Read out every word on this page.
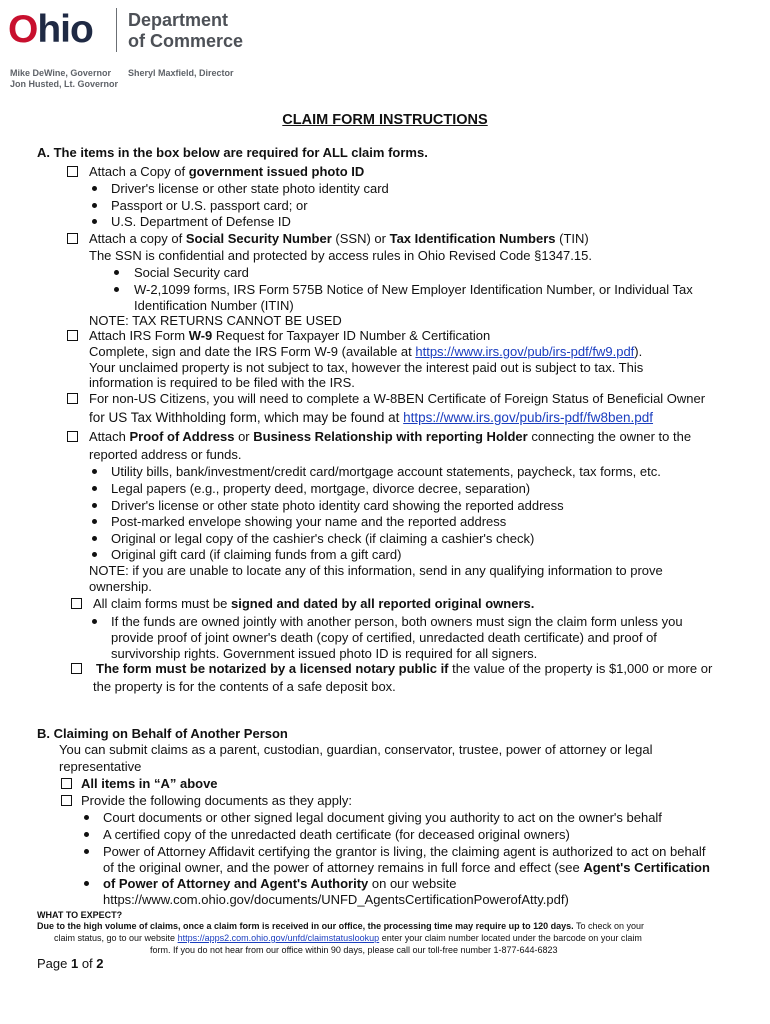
Ohio Department
of Commerce
Mike DeWine, Governor
Jon Husted, Lt. Governor
Sheryl Maxfield, Director
CLAIM FORM INSTRUCTIONS
A. The items in the box below are required for ALL claim forms.
Attach a Copy of government issued photo ID
Driver's license or other state photo identity card
Passport or U.S. passport card; or
U.S. Department of Defense ID
Attach a copy of Social Security Number (SSN) or Tax Identification Numbers (TIN)
The SSN is confidential and protected by access rules in Ohio Revised Code §1347.15.
Social Security card
W-2,1099 forms, IRS Form 575B Notice of New Employer Identification Number, or Individual Tax
Identification Number (ITIN)
NOTE: TAX RETURNS CANNOT BE USED
Attach IRS Form W-9 Request for Taxpayer ID Number & Certification
Complete, sign and date the IRS Form W-9 (available at https://www.irs.gov/pub/irs-pdf/fw9.pdf).
Your unclaimed property is not subject to tax, however the interest paid out is subject to tax. This
information is required to be filed with the IRS.
For non-US Citizens, you will need to complete a W-8BEN Certificate of Foreign Status of Beneficial Owner
for US Tax Withholding form, which may be found at https://www.irs.gov/pub/irs-pdf/fw8ben.pdf
Attach Proof of Address or Business Relationship with reporting Holder connecting the owner to the
reported address or funds.
Utility bills, bank/investment/credit card/mortgage account statements, paycheck, tax forms, etc.
Legal papers (e.g., property deed, mortgage, divorce decree, separation)
Driver's license or other state photo identity card showing the reported address
Post-marked envelope showing your name and the reported address
Original or legal copy of the cashier's check (if claiming a cashier's check)
Original gift card (if claiming funds from a gift card)
NOTE: if you are unable to locate any of this information, send in any qualifying information to prove
ownership.
All claim forms must be signed and dated by all reported original owners.
If the funds are owned jointly with another person, both owners must sign the claim form unless you
provide proof of joint owner's death (copy of certified, unredacted death certificate) and proof of
survivorship rights. Government issued photo ID is required for all signers.
The form must be notarized by a licensed notary public if the value of the property is $1,000 or more or
the property is for the contents of a safe deposit box.
B. Claiming on Behalf of Another Person
You can submit claims as a parent, custodian, guardian, conservator, trustee, power of attorney or legal
representative
All items in “A” above
Provide the following documents as they apply:
Court documents or other signed legal document giving you authority to act on the owner's behalf
A certified copy of the unredacted death certificate (for deceased original owners)
Power of Attorney Affidavit certifying the grantor is living, the claiming agent is authorized to act on behalf
of the original owner, and the power of attorney remains in full force and effect (see Agent's Certification
of Power of Attorney and Agent's Authority on our website
https://www.com.ohio.gov/documents/UNFD_AgentsCertificationPowerofAtty.pdf)
WHAT TO EXPECT?
Due to the high volume of claims, once a claim form is received in our office, the processing time may require up to 120 days. To check on your
claim status, go to our website https://apps2.com.ohio.gov/unfd/claimstatuslookup enter your claim number located under the barcode on your claim
form. If you do not hear from our office within 90 days, please call our toll-free number 1-877-644-6823
Page 1 of 2
